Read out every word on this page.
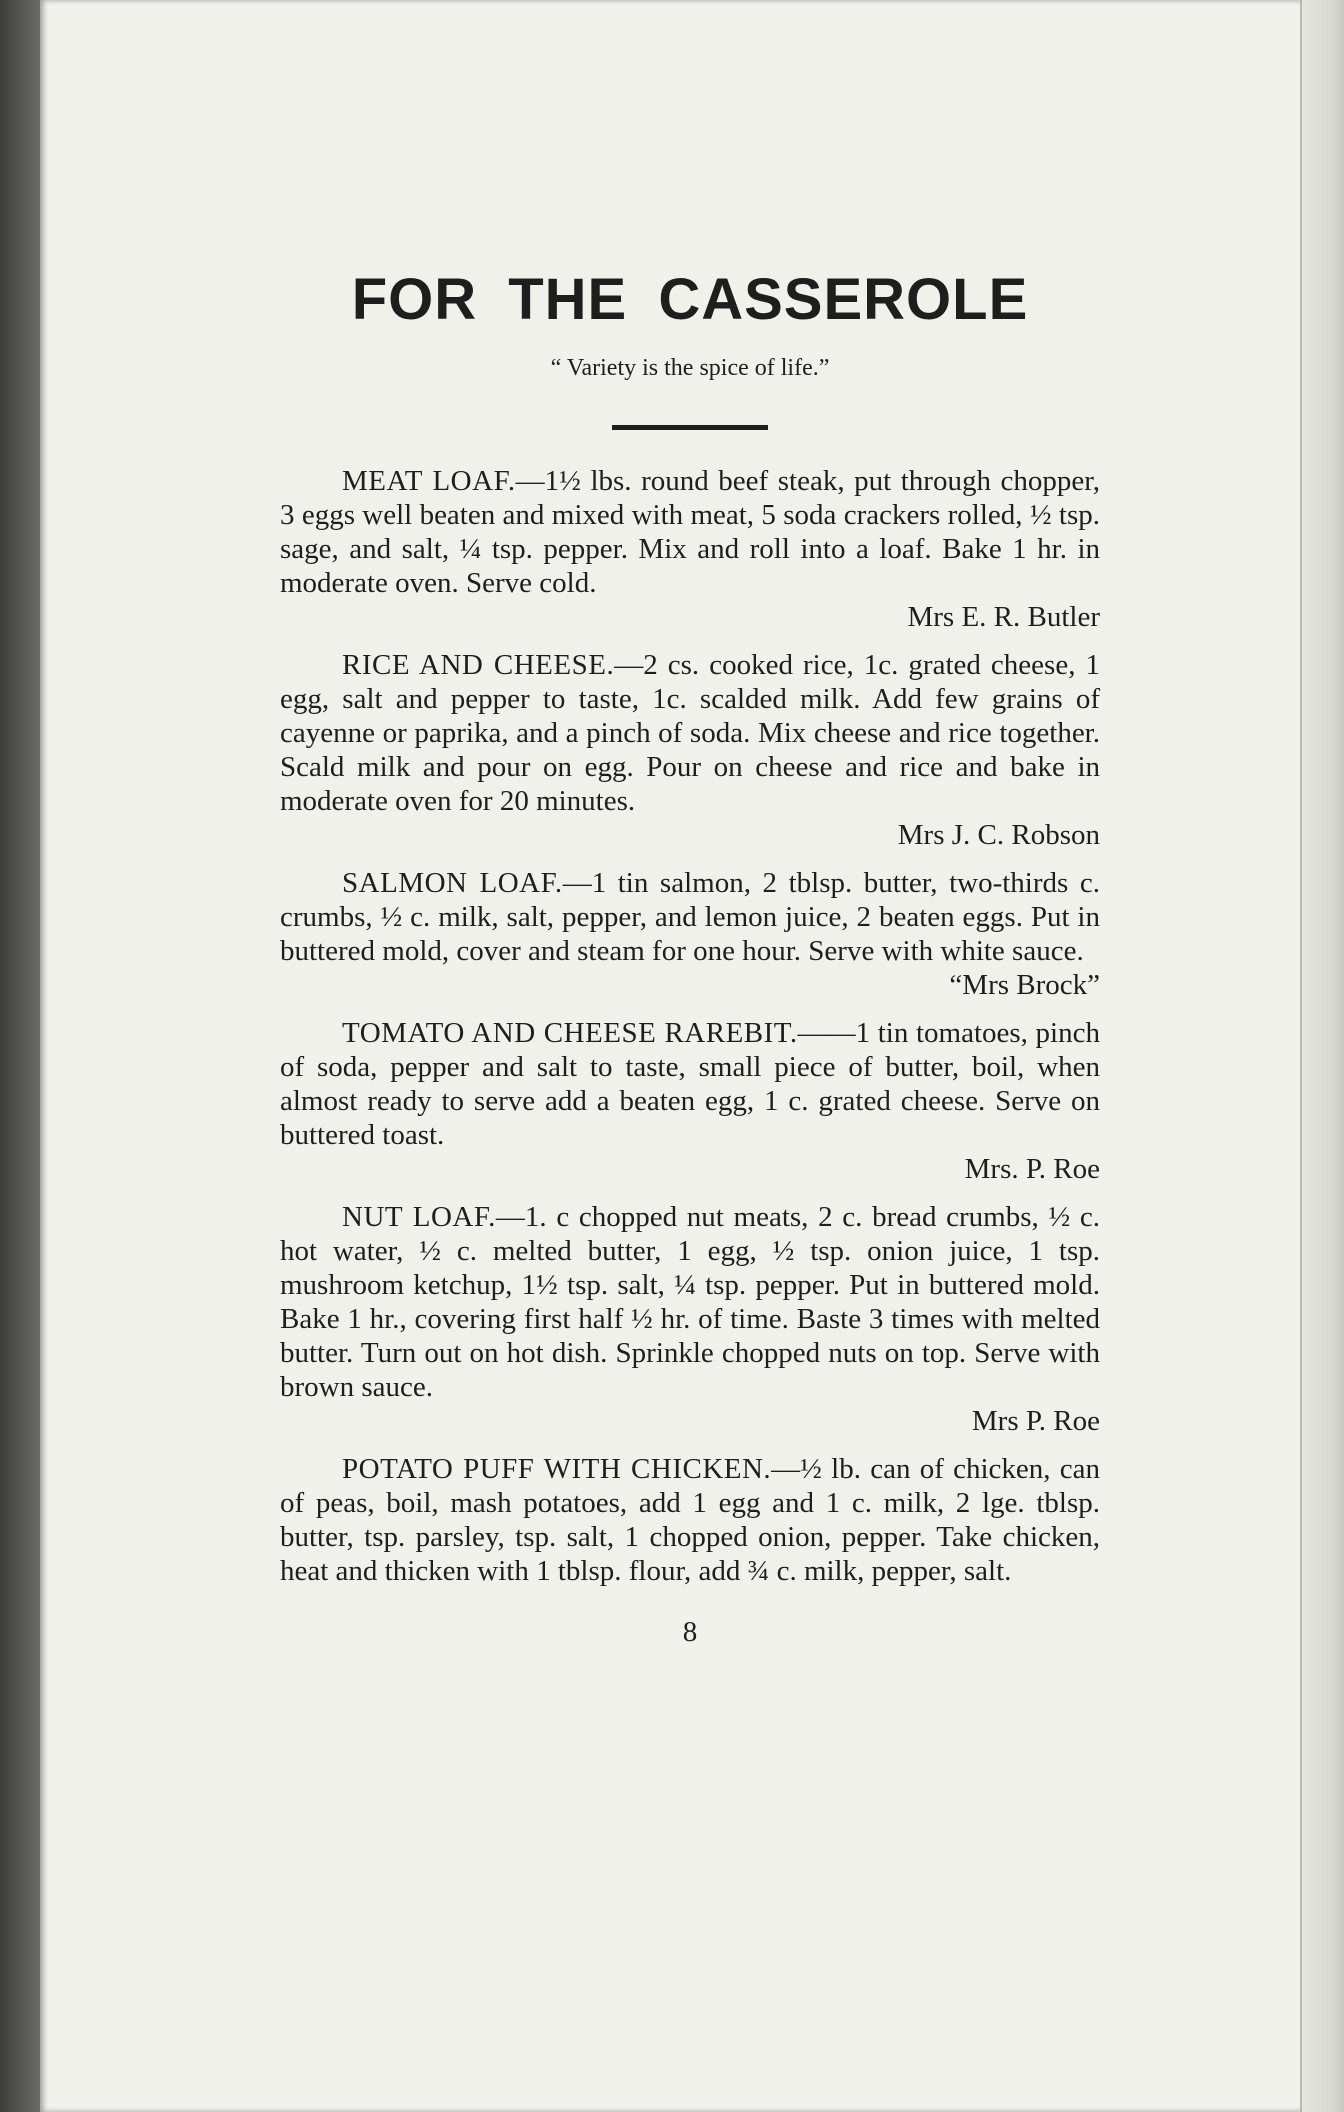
FOR THE CASSEROLE
“ Variety is the spice of life.”

MEAT LOAF.—1½ lbs. round beef steak, put through chopper, 3 eggs well beaten and mixed with meat, 5 soda crackers rolled, ½ tsp. sage, and salt, ¼ tsp. pepper. Mix and roll into a loaf. Bake 1 hr. in moderate oven. Serve cold.

Mrs E. R. Butler

RICE AND CHEESE.—2 cs. cooked rice, 1c. grated cheese, 1 egg, salt and pepper to taste, 1c. scalded milk. Add few grains of cayenne or paprika, and a pinch of soda. Mix cheese and rice together. Scald milk and pour on egg. Pour on cheese and rice and bake in moderate oven for 20 minutes.

Mrs J. C. Robson

SALMON LOAF.—1 tin salmon, 2 tblsp. butter, two-thirds c. crumbs, ½ c. milk, salt, pepper, and lemon juice, 2 beaten eggs. Put in buttered mold, cover and steam for one hour. Serve with white sauce.

“Mrs Brock”

TOMATO AND CHEESE RAREBIT.——1 tin tomatoes, pinch of soda, pepper and salt to taste, small piece of butter, boil, when almost ready to serve add a beaten egg, 1 c. grated cheese. Serve on buttered toast.

Mrs. P. Roe

NUT LOAF.—1. c chopped nut meats, 2 c. bread crumbs, ½ c. hot water, ½ c. melted butter, 1 egg, ½ tsp. onion juice, 1 tsp. mushroom ketchup, 1½ tsp. salt, ¼ tsp. pepper. Put in buttered mold. Bake 1 hr., covering first half ½ hr. of time. Baste 3 times with melted butter. Turn out on hot dish. Sprinkle chopped nuts on top. Serve with brown sauce.

Mrs P. Roe

POTATO PUFF WITH CHICKEN.—½ lb. can of chicken, can of peas, boil, mash potatoes, add 1 egg and 1 c. milk, 2 lge. tblsp. butter, tsp. parsley, tsp. salt, 1 chopped onion, pepper. Take chicken, heat and thicken with 1 tblsp. flour, add ¾ c. milk, pepper, salt.

8
